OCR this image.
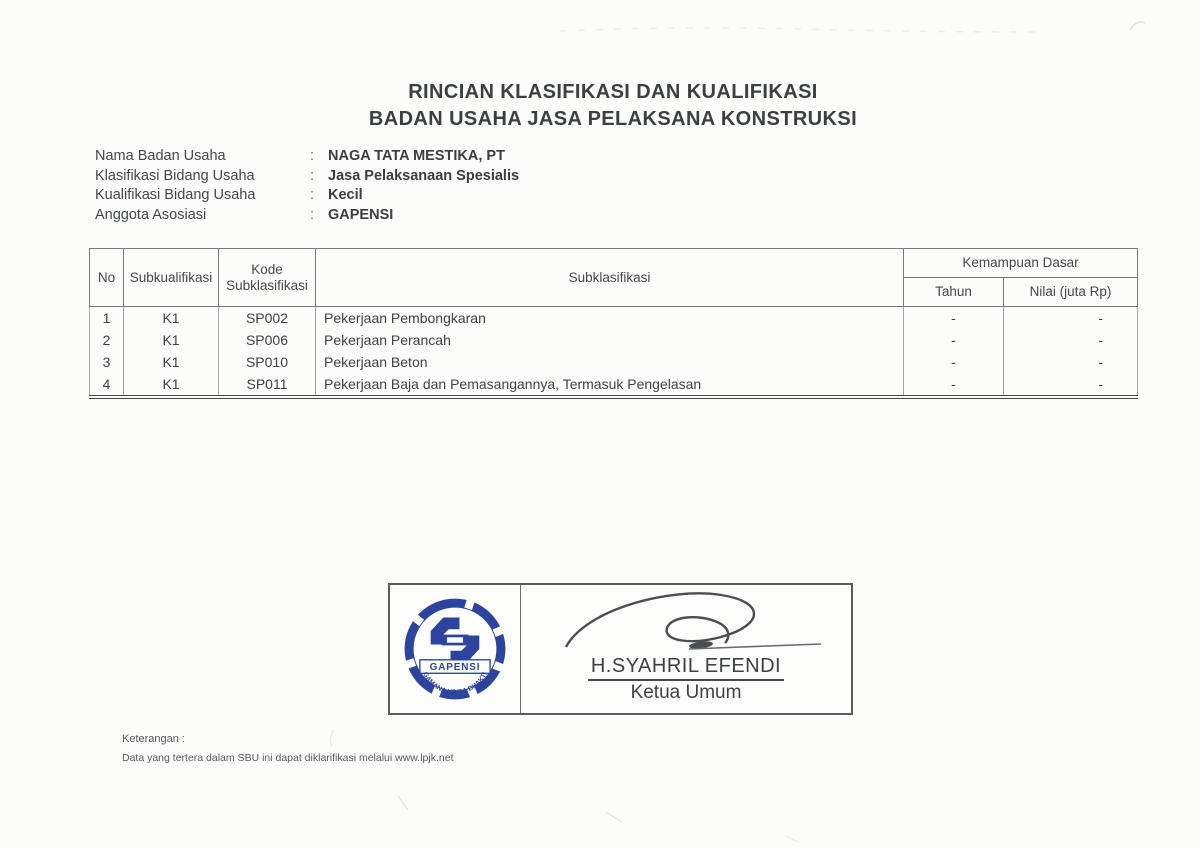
RINCIAN KLASIFIKASI DAN KUALIFIKASI
BADAN USAHA JASA PELAKSANA KONSTRUKSI
Nama Badan Usaha	: NAGA TATA MESTIKA, PT
Klasifikasi Bidang Usaha	: Jasa Pelaksanaan Spesialis
Kualifikasi Bidang Usaha	: Kecil
Anggota Asosiasi	: GAPENSI
No	Subkualifikasi	Kode Subklasifikasi	Subklasifikasi	Kemampuan Dasar	
				Tahun	Nilai (juta Rp)
1	K1	SP002	Pekerjaan Pembongkaran	-	-
2	K1	SP006	Pekerjaan Perancah	-	-
3	K1	SP010	Pekerjaan Beton	-	-
4	K1	SP011	Pekerjaan Baja dan Pemasangannya, Termasuk Pengelasan	-	-
GAPENSI
GAMANA KRIDA BHAKTI	H.SYAHRIL EFENDI
Ketua Umum
Keterangan :
Data yang tertera dalam SBU ini dapat diklarifikasi melalui www.lpjk.net
